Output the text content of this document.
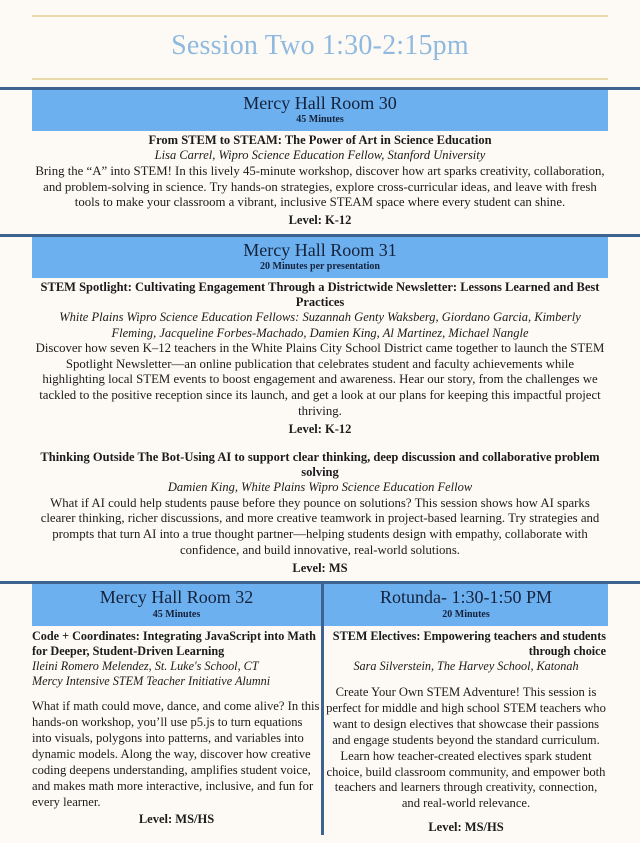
Session Two 1:30-2:15pm
Mercy Hall Room 30
45 Minutes
From STEM to STEAM: The Power of Art in Science Education
Lisa Carrel, Wipro Science Education Fellow, Stanford University
Bring the “A” into STEM! In this lively 45-minute workshop, discover how art sparks creativity, collaboration, and problem-solving in science. Try hands-on strategies, explore cross-curricular ideas, and leave with fresh tools to make your classroom a vibrant, inclusive STEAM space where every student can shine.
Level: K-12
Mercy Hall Room 31
20 Minutes per presentation
STEM Spotlight: Cultivating Engagement Through a Districtwide Newsletter: Lessons Learned and Best Practices
White Plains Wipro Science Education Fellows: Suzannah Genty Waksberg, Giordano Garcia, Kimberly Fleming, Jacqueline Forbes-Machado, Damien King, Al Martinez, Michael Nangle
Discover how seven K–12 teachers in the White Plains City School District came together to launch the STEM Spotlight Newsletter—an online publication that celebrates student and faculty achievements while highlighting local STEM events to boost engagement and awareness. Hear our story, from the challenges we tackled to the positive reception since its launch, and get a look at our plans for keeping this impactful project thriving.
Level: K-12
Thinking Outside The Bot-Using AI to support clear thinking, deep discussion and collaborative problem solving
Damien King, White Plains Wipro Science Education Fellow
What if AI could help students pause before they pounce on solutions? This session shows how AI sparks clearer thinking, richer discussions, and more creative teamwork in project-based learning. Try strategies and prompts that turn AI into a true thought partner—helping students design with empathy, collaborate with confidence, and build innovative, real-world solutions.
Level: MS
Mercy Hall Room 32
45 Minutes
Code + Coordinates: Integrating JavaScript into Math for Deeper, Student-Driven Learning
Ileini Romero Melendez, St. Luke's School, CT
Mercy Intensive STEM Teacher Initiative Alumni
What if math could move, dance, and come alive? In this hands-on workshop, you’ll use p5.js to turn equations into visuals, polygons into patterns, and variables into dynamic models. Along the way, discover how creative coding deepens understanding, amplifies student voice, and makes math more interactive, inclusive, and fun for every learner.
Level: MS/HS
Rotunda- 1:30-1:50 PM
20 Minutes
STEM Electives: Empowering teachers and students through choice
Sara Silverstein, The Harvey School, Katonah
Create Your Own STEM Adventure! This session is perfect for middle and high school STEM teachers who want to design electives that showcase their passions and engage students beyond the standard curriculum. Learn how teacher-created electives spark student choice, build classroom community, and empower both teachers and learners through creativity, connection, and real-world relevance.
Level: MS/HS
